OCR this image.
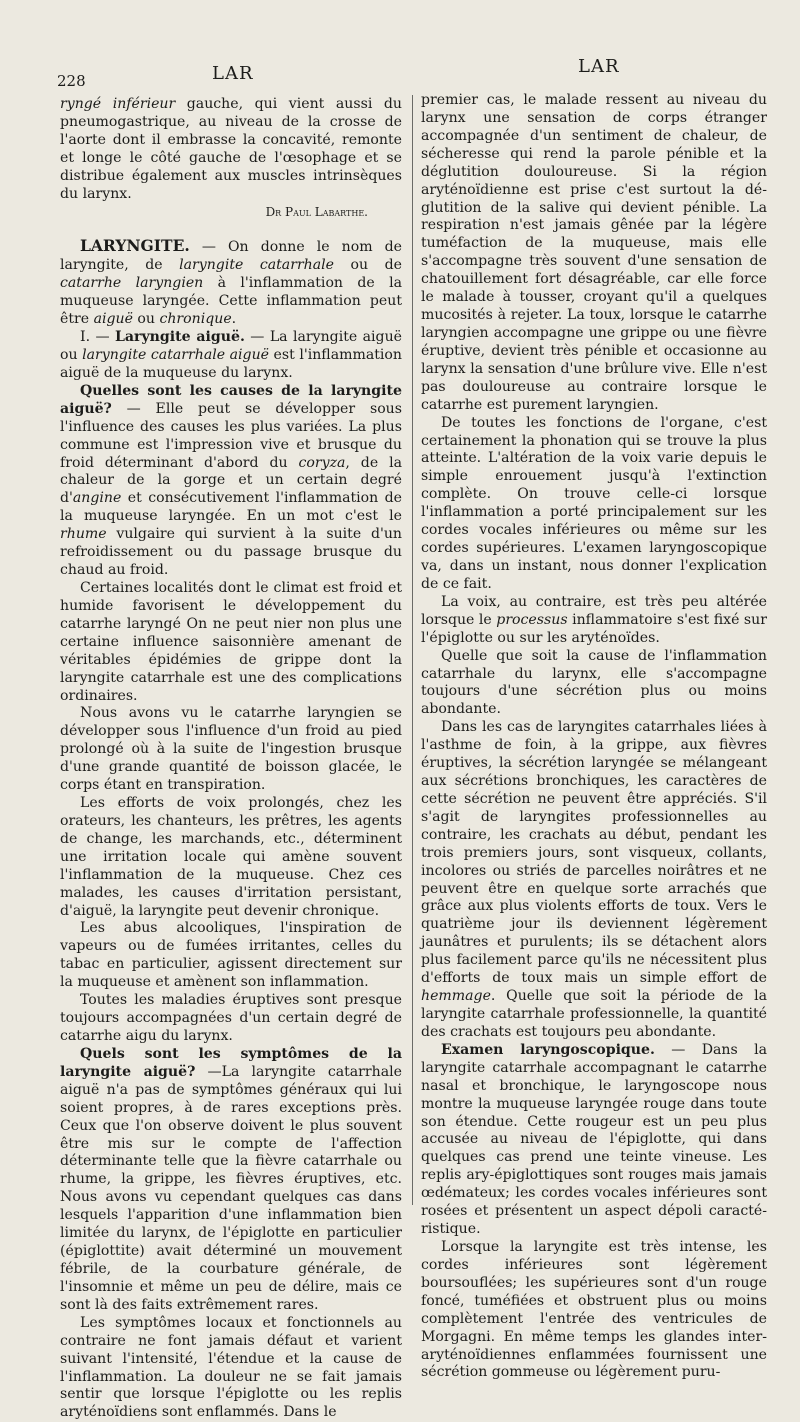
228	LAR	LAR

ryngé inférieur gauche, qui vient aussi du pneumogastrique, au niveau de la crosse de l'aorte dont il embrasse la concavité, remonte et longe le côté gauche de l'œsophage et se distribue également aux muscles intrinsèques du larynx.

Dr Paul Labarthe.

LARYNGITE. — On donne le nom de laryngite, de laryngite catarrhale ou de catarrhe laryngien à l'inflammation de la muqueuse laryngée. Cette inflammation peut être aiguë ou chronique.

I. — Laryngite aiguë. — La laryngite aiguë ou laryngite catarrhale aiguë est l'inflammation aiguë de la muqueuse du larynx.

Quelles sont les causes de la laryngite aiguë? — Elle peut se développer sous l'influence des causes les plus variées. La plus commune est l'impression vive et brusque du froid déterminant d'abord du coryza, de la chaleur de la gorge et un certain degré d'angine et consécutivement l'inflammation de la muqueuse laryngée. En un mot c'est le rhume vulgaire qui survient à la suite d'un refroidissement ou du passage brusque du chaud au froid.

Certaines localités dont le climat est froid et humide favorisent le développement du catarrhe laryngé On ne peut nier non plus une certaine influence saisonnière amenant de véritables épidémies de grippe dont la laryngite catarrhale est une des complications ordinaires.

Nous avons vu le catarrhe laryngien se développer sous l'influence d'un froid au pied prolongé où à la suite de l'ingestion brusque d'une grande quantité de boisson glacée, le corps étant en transpiration.

Les efforts de voix prolongés, chez les orateurs, les chanteurs, les prêtres, les agents de change, les marchands, etc., déterminent une irritation locale qui amène souvent l'inflammation de la muqueuse. Chez ces malades, les causes d'irritation persistant, d'aiguë, la laryngite peut devenir chronique.

Les abus alcooliques, l'inspiration de vapeurs ou de fumées irritantes, celles du tabac en particulier, agissent directement sur la muqueuse et amènent son inflammation.

Toutes les maladies éruptives sont presque toujours accompagnées d'un certain degré de catarrhe aigu du larynx.

Quels sont les symptômes de la laryngite aiguë? —La laryngite catarrhale aiguë n'a pas de symptômes généraux qui lui soient propres, à de rares exceptions près. Ceux que l'on observe doivent le plus souvent être mis sur le compte de l'affection déterminante telle que la fièvre catarrhale ou rhume, la grippe, les fièvres éruptives, etc. Nous avons vu cependant quelques cas dans lesquels l'apparition d'une inflammation bien limitée du larynx, de l'épiglotte en particulier (épiglottite) avait déterminé un mouvement fébrile, de la courbature générale, de l'insomnie et même un peu de délire, mais ce sont là des faits extrêmement rares.

Les symptômes locaux et fonctionnels au contraire ne font jamais défaut et varient suivant l'intensité, l'étendue et la cause de l'inflammation. La douleur ne se fait jamais sentir que lorsque l'épiglotte ou les replis aryténoïdiens sont enflammés. Dans le

premier cas, le malade ressent au niveau du larynx une sensation de corps étranger accompagnée d'un sentiment de chaleur, de sécheresse qui rend la parole pénible et la déglutition douloureuse. Si la région aryténoïdienne est prise c'est surtout la déglutition de la salive qui devient pénible. La respiration n'est jamais gênée par la légère tuméfaction de la muqueuse, mais elle s'accompagne très souvent d'une sensation de chatouillement fort désagréable, car elle force le malade à tousser, croyant qu'il a quelques mucosités à rejeter. La toux, lorsque le catarrhe laryngien accompagne une grippe ou une fièvre éruptive, devient très pénible et occasionne au larynx la sensation d'une brûlure vive. Elle n'est pas douloureuse au contraire lorsque le catarrhe est purement laryngien.

De toutes les fonctions de l'organe, c'est certainement la phonation qui se trouve la plus atteinte. L'altération de la voix varie depuis le simple enrouement jusqu'à l'extinction complète. On trouve celle-ci lorsque l'inflammation a porté principalement sur les cordes vocales inférieures ou même sur les cordes supérieures. L'examen laryngoscopique va, dans un instant, nous donner l'explication de ce fait.

La voix, au contraire, est très peu altérée lorsque le processus inflammatoire s'est fixé sur l'épiglotte ou sur les aryténoïdes.

Quelle que soit la cause de l'inflammation catarrhale du larynx, elle s'accompagne toujours d'une sécrétion plus ou moins abondante.

Dans les cas de laryngites catarrhales liées à l'asthme de foin, à la grippe, aux fièvres éruptives, la sécrétion laryngée se mélangeant aux sécrétions bronchiques, les caractères de cette sécrétion ne peuvent être appréciés. S'il s'agit de laryngites professionnelles au contraire, les crachats au début, pendant les trois premiers jours, sont visqueux, collants, incolores ou striés de parcelles noirâtres et ne peuvent être en quelque sorte arrachés que grâce aux plus violents efforts de toux. Vers le quatrième jour ils deviennent légèrement jaunâtres et purulents; ils se détachent alors plus facilement parce qu'ils ne nécessitent plus d'efforts de toux mais un simple effort de hemmage. Quelle que soit la période de la laryngite catarrhale professionnelle, la quantité des crachats est toujours peu abondante.

Examen laryngoscopique. — Dans la laryngite catarrhale accompagnant le catarrhe nasal et bronchique, le laryngoscope nous montre la muqueuse laryngée rouge dans toute son étendue. Cette rougeur est un peu plus accusée au niveau de l'épiglotte, qui dans quelques cas prend une teinte vineuse. Les replis ary-épiglottiques sont rouges mais jamais œdémateux; les cordes vocales inférieures sont rosées et présentent un aspect dépoli caractéristique.

Lorsque la laryngite est très intense, les cordes inférieures sont légèrement boursouflées; les supérieures sont d'un rouge foncé, tuméfiées et obstruent plus ou moins complètement l'entrée des ventricules de Morgagni. En même temps les glandes inter-aryténoïdiennes enflammées fournissent une sécrétion gommeuse ou légèrement puru-
